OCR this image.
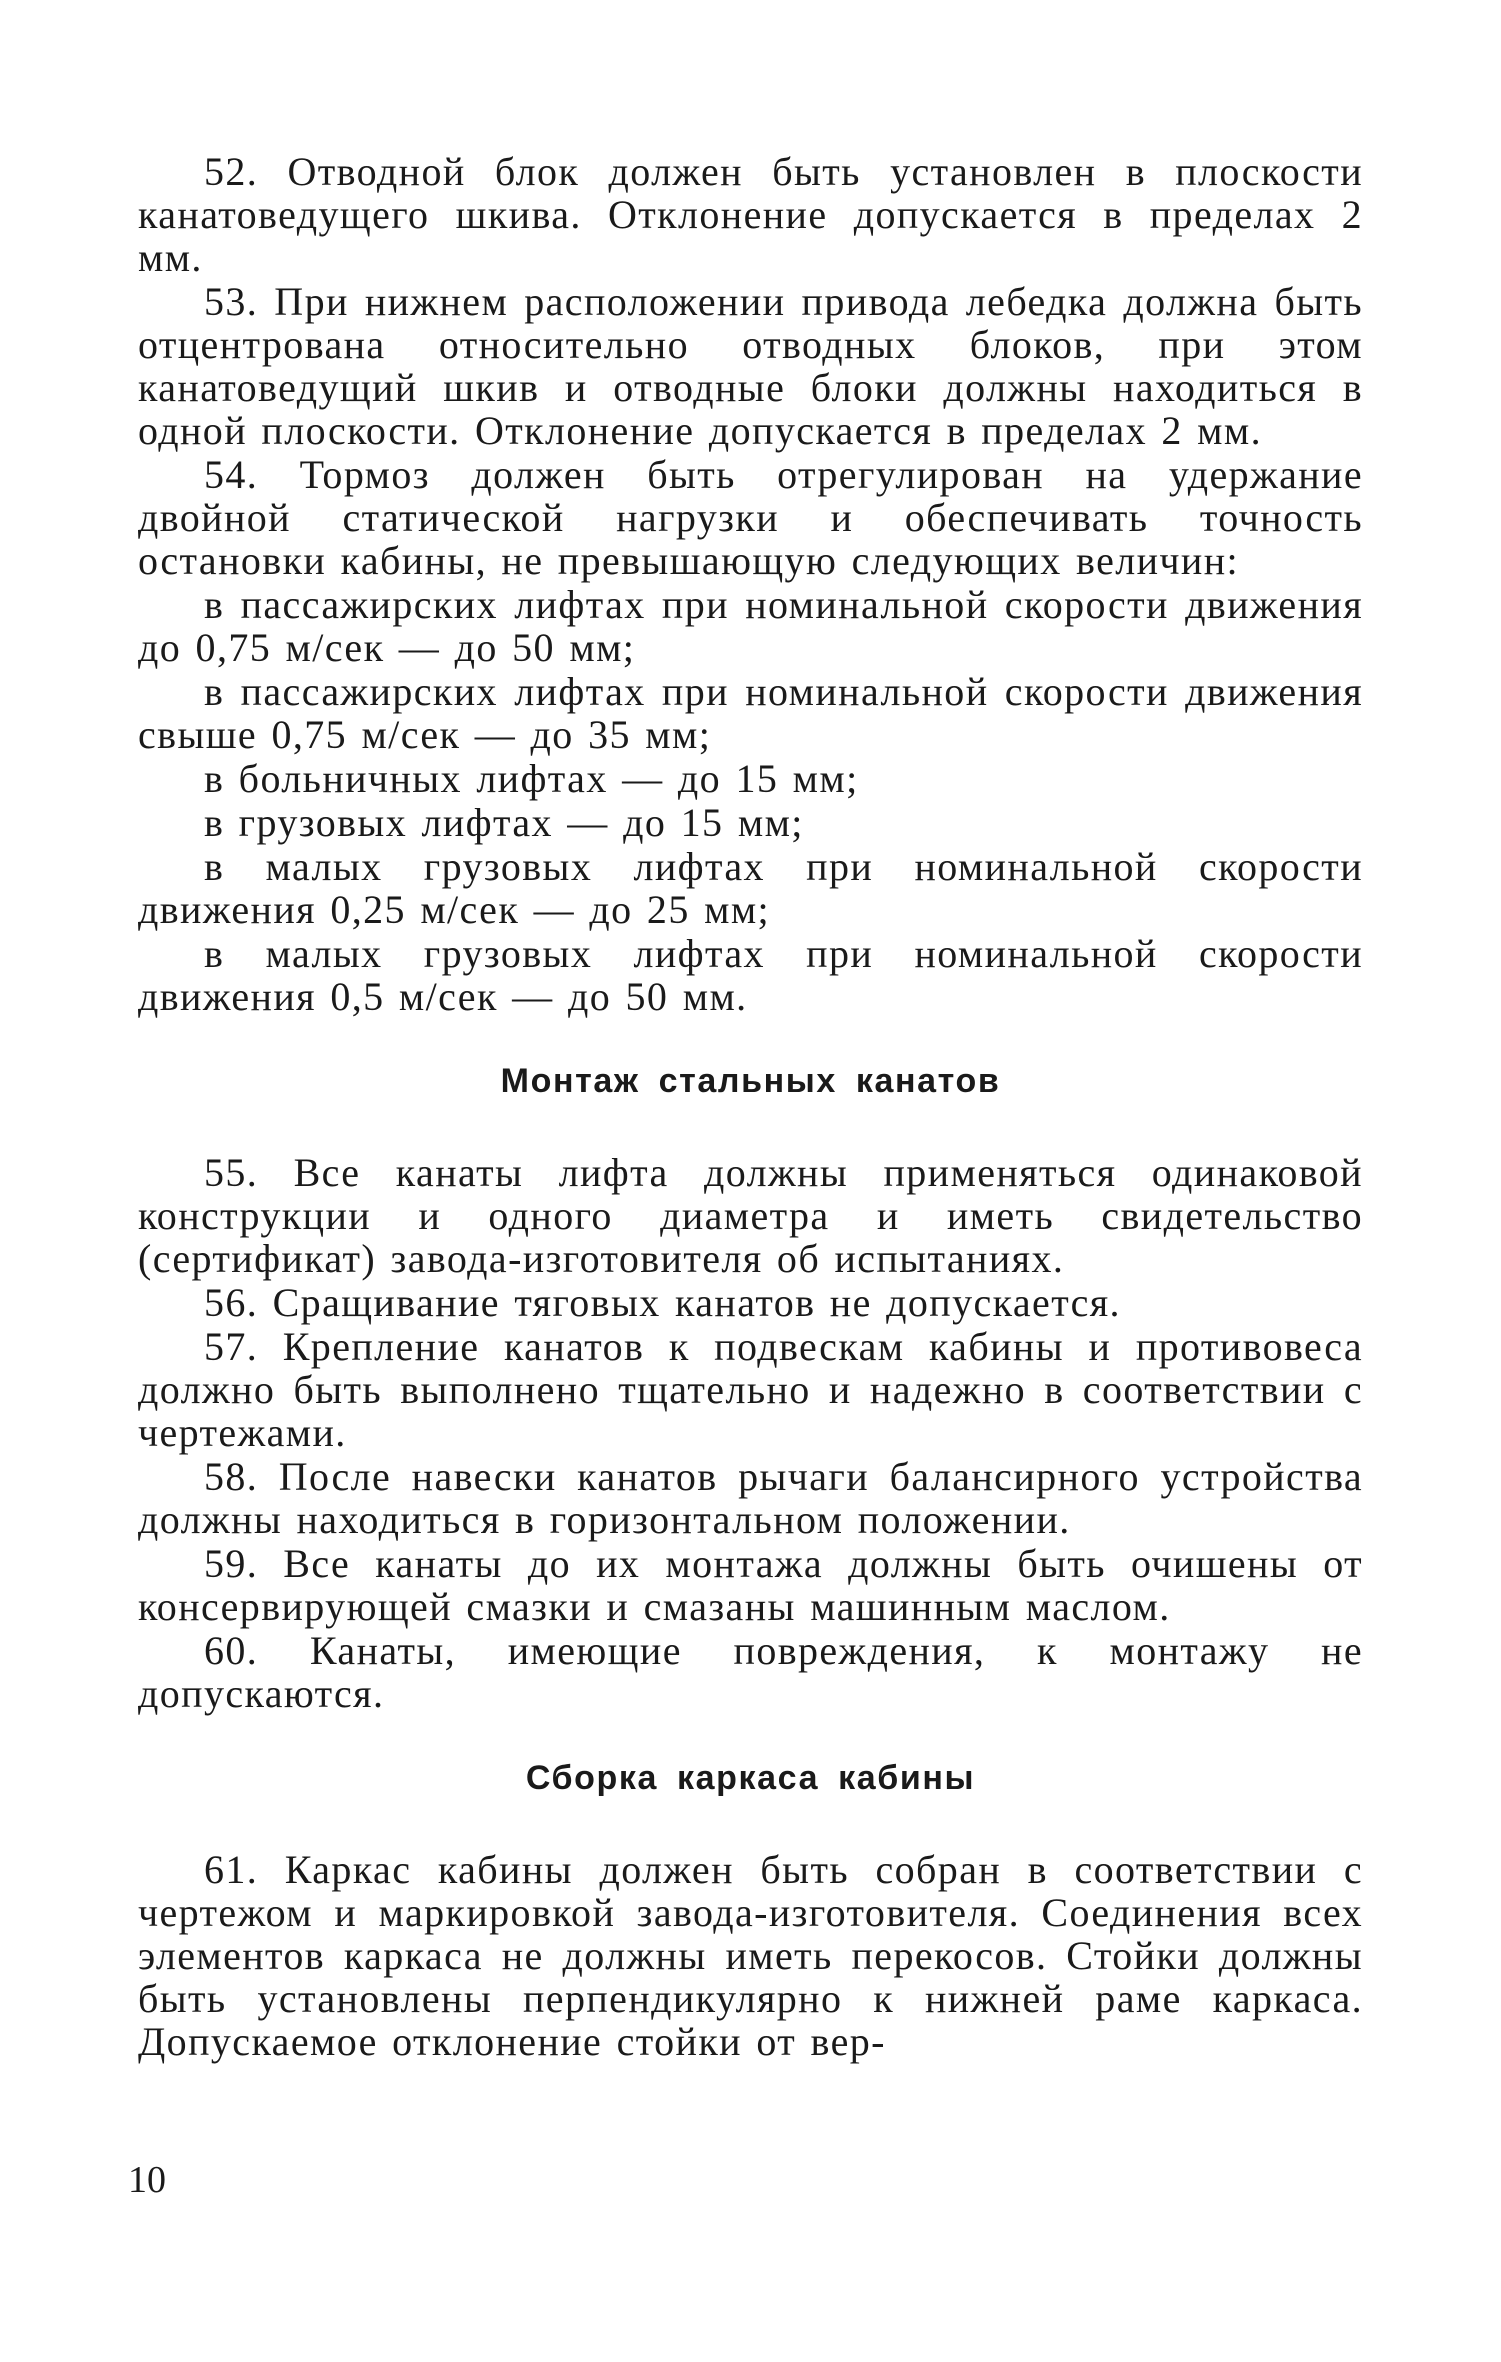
52. Отводной блок должен быть установлен в плоскости канатоведущего шкива. Отклонение допускается в пределах 2 мм.

53. При нижнем расположении привода лебедка должна быть отцентрована относительно отводных блоков, при этом канатоведущий шкив и отводные блоки должны находиться в одной плоскости. Отклонение допускается в пределах 2 мм.

54. Тормоз должен быть отрегулирован на удержание двойной статической нагрузки и обеспечивать точность остановки кабины, не превышающую следующих величин:

в пассажирских лифтах при номинальной скорости движения до 0,75 м/сек — до 50 мм;

в пассажирских лифтах при номинальной скорости движения свыше 0,75 м/сек — до 35 мм;

в больничных лифтах — до 15 мм;

в грузовых лифтах — до 15 мм;

в малых грузовых лифтах при номинальной скорости движения 0,25 м/сек — до 25 мм;

в малых грузовых лифтах при номинальной скорости движения 0,5 м/сек — до 50 мм.

Монтаж стальных канатов

55. Все канаты лифта должны применяться одинаковой конструкции и одного диаметра и иметь свидетельство (сертификат) завода-изготовителя об испытаниях.

56. Сращивание тяговых канатов не допускается.

57. Крепление канатов к подвескам кабины и противовеса должно быть выполнено тщательно и надежно в соответствии с чертежами.

58. После навески канатов рычаги балансирного устройства должны находиться в горизонтальном положении.

59. Все канаты до их монтажа должны быть очишены от консервирующей смазки и смазаны машинным маслом.

60. Канаты, имеющие повреждения, к монтажу не допускаются.

Сборка каркаса кабины

61. Каркас кабины должен быть собран в соответствии с чертежом и маркировкой завода-изготовителя. Соединения всех элементов каркаса не должны иметь перекосов. Стойки должны быть установлены перпендикулярно к нижней раме каркаса. Допускаемое отклонение стойки от вер-

10
